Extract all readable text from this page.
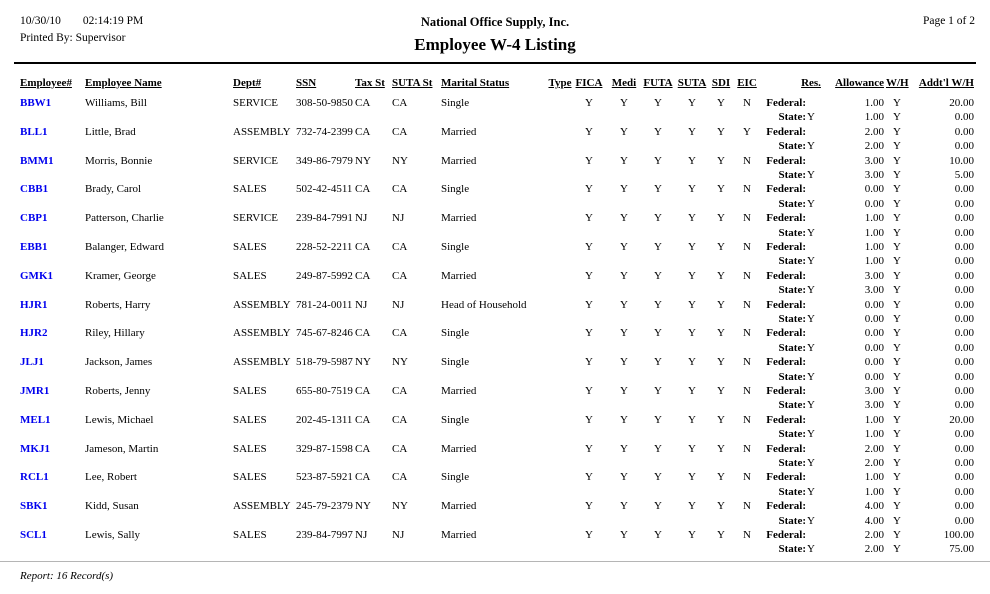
10/30/10 02:14:19 PM
Printed By: Supervisor
National Office Supply, Inc.
Employee W-4 Listing
Page 1 of 2
Employee# Employee Name	Dept#	SSN	Tax St SUTA St Marital Status	Type FICA Medi FUTA SUTA SDI EIC	Res.	Allowance W/H Addt'l W/H
BBW1	Williams, Bill	SERVICE 308-50-9850 CA CA	Single	Y	Y	Y	Y	Y	N	Federal:	1.00 Y	20.00
State: Y	1.00 Y	0.00
BLL1	Little, Brad	ASSEMBLY 732-74-2399 CA CA	Married	Y	Y	Y	Y	Y	Y	Federal:	2.00 Y	0.00
State: Y	2.00 Y	0.00
BMM1	Morris, Bonnie	SERVICE 349-86-7979 NY NY	Married	Y	Y	Y	Y	Y	N	Federal:	3.00 Y	10.00
State: Y	3.00 Y	5.00
CBB1	Brady, Carol	SALES	502-42-4511 CA CA	Single	Y	Y	Y	Y	Y	N	Federal:	0.00 Y	0.00
State: Y	0.00 Y	0.00
CBP1	Patterson, Charlie	SERVICE 239-84-7991 NJ NJ	Married	Y	Y	Y	Y	Y	N	Federal:	1.00 Y	0.00
State: Y	1.00 Y	0.00
EBB1	Balanger, Edward	SALES	228-52-2211 CA CA	Single	Y	Y	Y	Y	Y	N	Federal:	1.00 Y	0.00
State: Y	1.00 Y	0.00
GMK1	Kramer, George	SALES	249-87-5992 CA CA	Married	Y	Y	Y	Y	Y	N	Federal:	3.00 Y	0.00
State: Y	3.00 Y	0.00
HJR1	Roberts, Harry	ASSEMBLY 781-24-0011 NJ NJ	Head of Household	Y	Y	Y	Y	Y	N	Federal:	0.00 Y	0.00
State: Y	0.00 Y	0.00
HJR2	Riley, Hillary	ASSEMBLY 745-67-8246 CA CA	Single	Y	Y	Y	Y	Y	N	Federal:	0.00 Y	0.00
State: Y	0.00 Y	0.00
JLJ1	Jackson, James	ASSEMBLY 518-79-5987 NY NY	Single	Y	Y	Y	Y	Y	N	Federal:	0.00 Y	0.00
State: Y	0.00 Y	0.00
JMR1	Roberts, Jenny	SALES	655-80-7519 CA CA	Married	Y	Y	Y	Y	Y	N	Federal:	3.00 Y	0.00
State: Y	3.00 Y	0.00
MEL1	Lewis, Michael	SALES	202-45-1311 CA CA	Single	Y	Y	Y	Y	Y	N	Federal:	1.00 Y	20.00
State: Y	1.00 Y	0.00
MKJ1	Jameson, Martin	SALES	329-87-1598 CA CA	Married	Y	Y	Y	Y	Y	N	Federal:	2.00 Y	0.00
State: Y	2.00 Y	0.00
RCL1	Lee, Robert	SALES	523-87-5921 CA CA	Single	Y	Y	Y	Y	Y	N	Federal:	1.00 Y	0.00
State: Y	1.00 Y	0.00
SBK1	Kidd, Susan	ASSEMBLY 245-79-2379 NY NY	Married	Y	Y	Y	Y	Y	N	Federal:	4.00 Y	0.00
State: Y	4.00 Y	0.00
SCL1	Lewis, Sally	SALES	239-84-7997 NJ NJ	Married	Y	Y	Y	Y	Y	N	Federal:	2.00 Y	100.00
State: Y	2.00 Y	75.00
Report: 16 Record(s)
